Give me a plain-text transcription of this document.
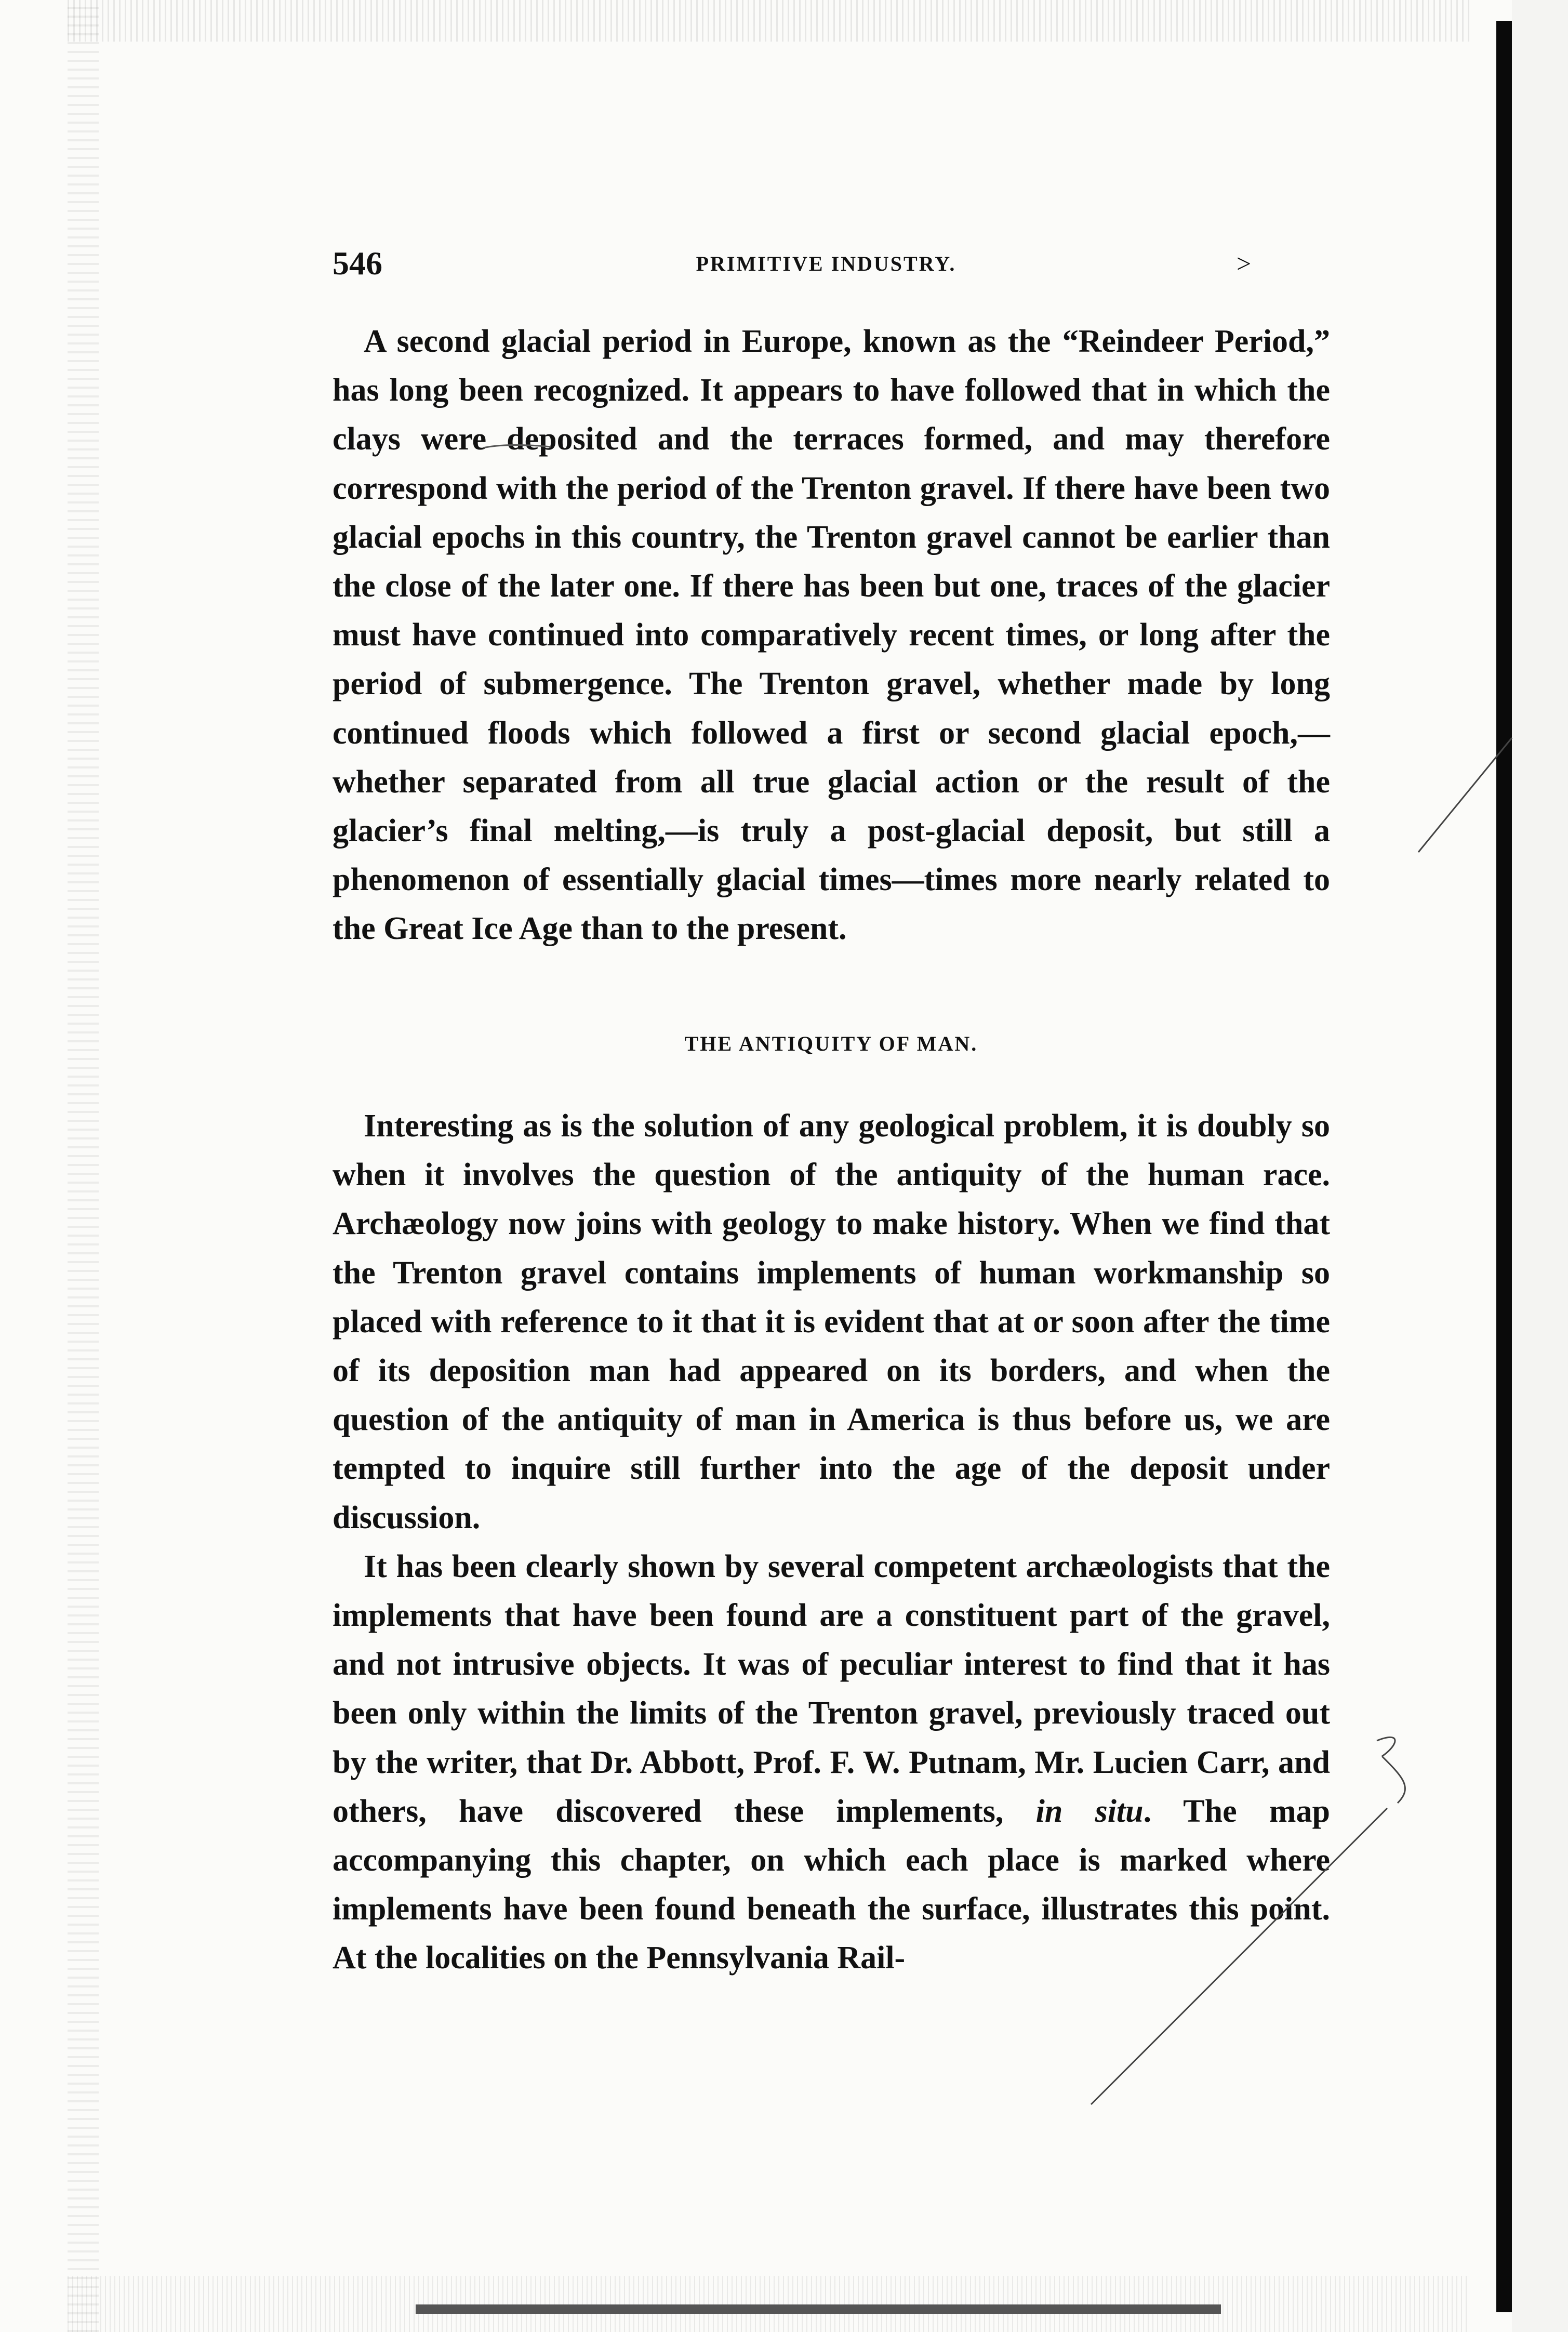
546	PRIMITIVE INDUSTRY.	>

A second glacial period in Europe, known as the “Reindeer Period,” has long been recognized. It appears to have followed that in which the clays were deposited and the terraces formed, and may therefore correspond with the period of the Trenton gravel. If there have been two glacial epochs in this country, the Trenton gravel cannot be earlier than the close of the later one. If there has been but one, traces of the glacier must have continued into comparatively recent times, or long after the period of submergence. The Trenton gravel, whether made by long continued floods which followed a first or second glacial epoch,—whether separated from all true glacial action or the result of the glacier’s final melting,—is truly a post-glacial deposit, but still a phenomenon of essentially glacial times—times more nearly related to the Great Ice Age than to the present.

THE ANTIQUITY OF MAN.

Interesting as is the solution of any geological problem, it is doubly so when it involves the question of the antiquity of the human race. Archæology now joins with geology to make history. When we find that the Trenton gravel contains implements of human workmanship so placed with reference to it that it is evident that at or soon after the time of its deposition man had appeared on its borders, and when the question of the antiquity of man in America is thus before us, we are tempted to inquire still further into the age of the deposit under discussion.

It has been clearly shown by several competent archæologists that the implements that have been found are a constituent part of the gravel, and not intrusive objects. It was of peculiar interest to find that it has been only within the limits of the Trenton gravel, previously traced out by the writer, that Dr. Abbott, Prof. F. W. Putnam, Mr. Lucien Carr, and others, have discovered these implements, in situ. The map accompanying this chapter, on which each place is marked where implements have been found beneath the surface, illustrates this point. At the localities on the Pennsylvania Rail-
